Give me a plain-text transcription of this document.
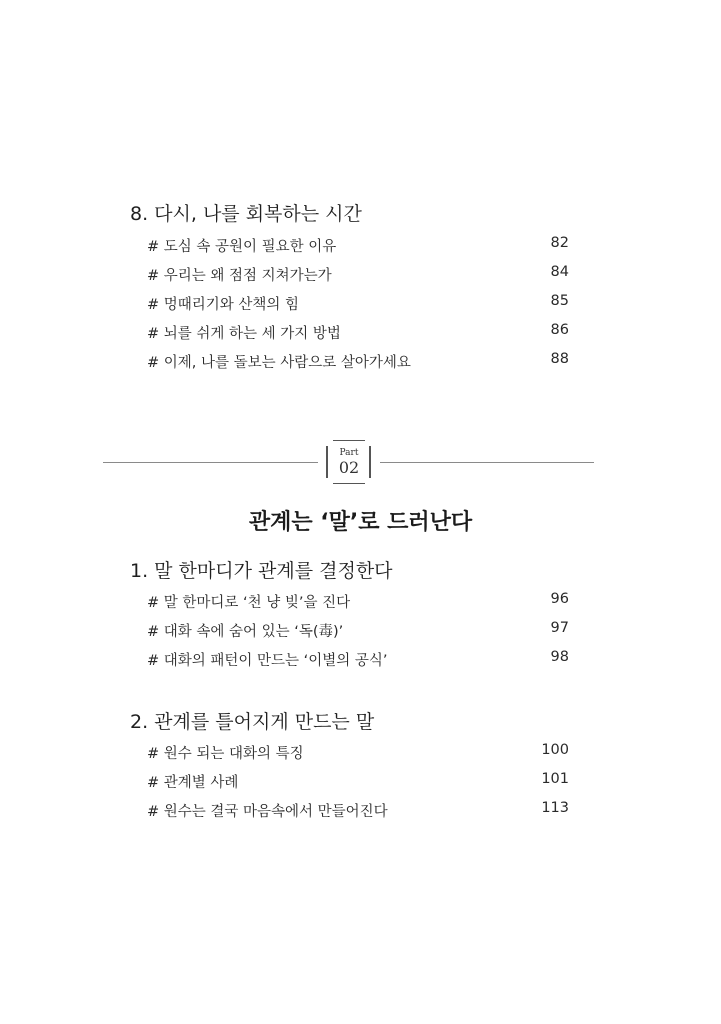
8. 다시, 나를 회복하는 시간
# 도심 속 공원이 필요한 이유	82
# 우리는 왜 점점 지쳐가는가	84
# 멍때리기와 산책의 힘	85
# 뇌를 쉬게 하는 세 가지 방법	86
# 이제, 나를 돌보는 사람으로 살아가세요	88
Part
02
관계는 ‘말’로 드러난다
1. 말 한마디가 관계를 결정한다
# 말 한마디로 ‘천 냥 빚’을 진다	96
# 대화 속에 숨어 있는 ‘독(毒)’	97
# 대화의 패턴이 만드는 ‘이별의 공식’	98
2. 관계를 틀어지게 만드는 말
# 원수 되는 대화의 특징	100
# 관계별 사례	101
# 원수는 결국 마음속에서 만들어진다	113
